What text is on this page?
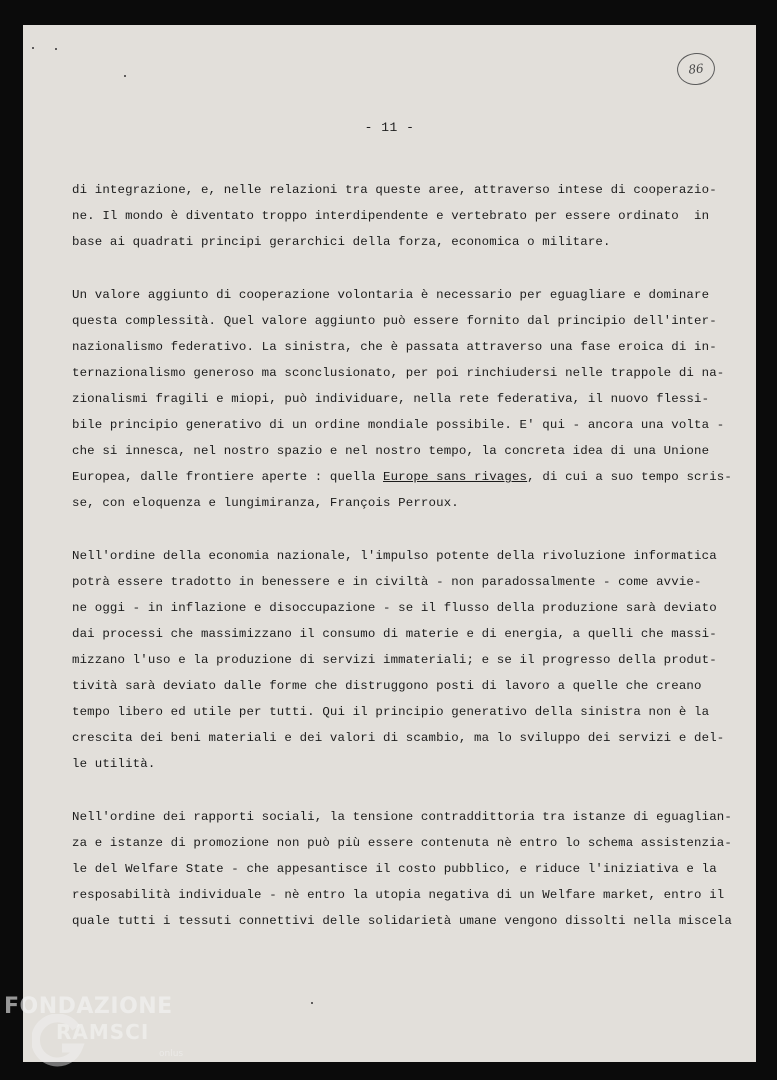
86
- 11 -
di integrazione, e, nelle relazioni tra queste aree, attraverso intese di cooperazio-
ne. Il mondo è diventato troppo interdipendente e vertebrato per essere ordinato  in
base ai quadrati principi gerarchici della forza, economica o militare.
Un valore aggiunto di cooperazione volontaria è necessario per eguagliare e dominare
questa complessità. Quel valore aggiunto può essere fornito dal principio dell'inter-
nazionalismo federativo. La sinistra, che è passata attraverso una fase eroica di in-
ternazionalismo generoso ma sconclusionato, per poi rinchiudersi nelle trappole di na-
zionalismi fragili e miopi, può individuare, nella rete federativa, il nuovo flessi-
bile principio generativo di un ordine mondiale possibile. E' qui - ancora una volta -
che si innesca, nel nostro spazio e nel nostro tempo, la concreta idea di una Unione
Europea, dalle frontiere aperte : quella Europe sans rivages, di cui a suo tempo scris-
se, con eloquenza e lungimiranza, François Perroux.
Nell'ordine della economia nazionale, l'impulso potente della rivoluzione informatica
potrà essere tradotto in benessere e in civiltà - non paradossalmente - come avvie-
ne oggi - in inflazione e disoccupazione - se il flusso della produzione sarà deviato
dai processi che massimizzano il consumo di materie e di energia, a quelli che massi-
mizzano l'uso e la produzione di servizi immateriali; e se il progresso della produt-
tività sarà deviato dalle forme che distruggono posti di lavoro a quelle che creano
tempo libero ed utile per tutti. Qui il principio generativo della sinistra non è la
crescita dei beni materiali e dei valori di scambio, ma lo sviluppo dei servizi e del-
le utilità.
Nell'ordine dei rapporti sociali, la tensione contraddittoria tra istanze di eguaglian-
za e istanze di promozione non può più essere contenuta nè entro lo schema assistenzia-
le del Welfare State - che appesantisce il costo pubblico, e riduce l'iniziativa e la
resposabilità individuale - nè entro la utopia negativa di un Welfare market, entro il
quale tutti i tessuti connettivi delle solidarietà umane vengono dissolti nella miscela
FONDAZIONE
RAMSCI
onlus
